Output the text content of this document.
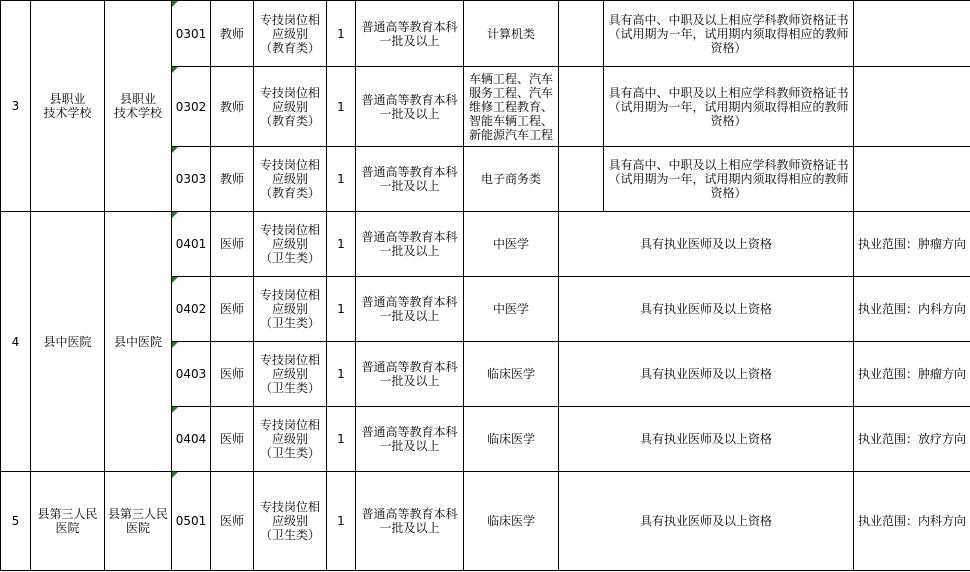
3	县职业
技术学校	县职业
技术学校	0301	教师	专技岗位相
应级别
（教育类）	1	普通高等教育本科
一批及以上	计算机类		具有高中、中职及以上相应学科教师资格证书
（试用期为一年，试用期内须取得相应的教师
资格）	
			0302	教师	专技岗位相
应级别
（教育类）	1	普通高等教育本科
一批及以上	车辆工程、汽车
服务工程、汽车
维修工程教育、
智能车辆工程、
新能源汽车工程		具有高中、中职及以上相应学科教师资格证书
（试用期为一年，试用期内须取得相应的教师
资格）	
			0303	教师	专技岗位相
应级别
（教育类）	1	普通高等教育本科
一批及以上	电子商务类		具有高中、中职及以上相应学科教师资格证书
（试用期为一年，试用期内须取得相应的教师
资格）	
4	县中医院	县中医院	0401	医师	专技岗位相
应级别
（卫生类）	1	普通高等教育本科
一批及以上	中医学	具有执业医师及以上资格		执业范围：肿瘤方向
			0402	医师	专技岗位相
应级别
（卫生类）	1	普通高等教育本科
一批及以上	中医学	具有执业医师及以上资格		执业范围：内科方向
			0403	医师	专技岗位相
应级别
（卫生类）	1	普通高等教育本科
一批及以上	临床医学	具有执业医师及以上资格		执业范围：肿瘤方向
			0404	医师	专技岗位相
应级别
（卫生类）	1	普通高等教育本科
一批及以上	临床医学	具有执业医师及以上资格		执业范围：放疗方向
5	县第三人民
医院	县第三人民
医院	0501	医师	专技岗位相
应级别
（卫生类）	1	普通高等教育本科
一批及以上	临床医学	具有执业医师及以上资格		执业范围：内科方向
